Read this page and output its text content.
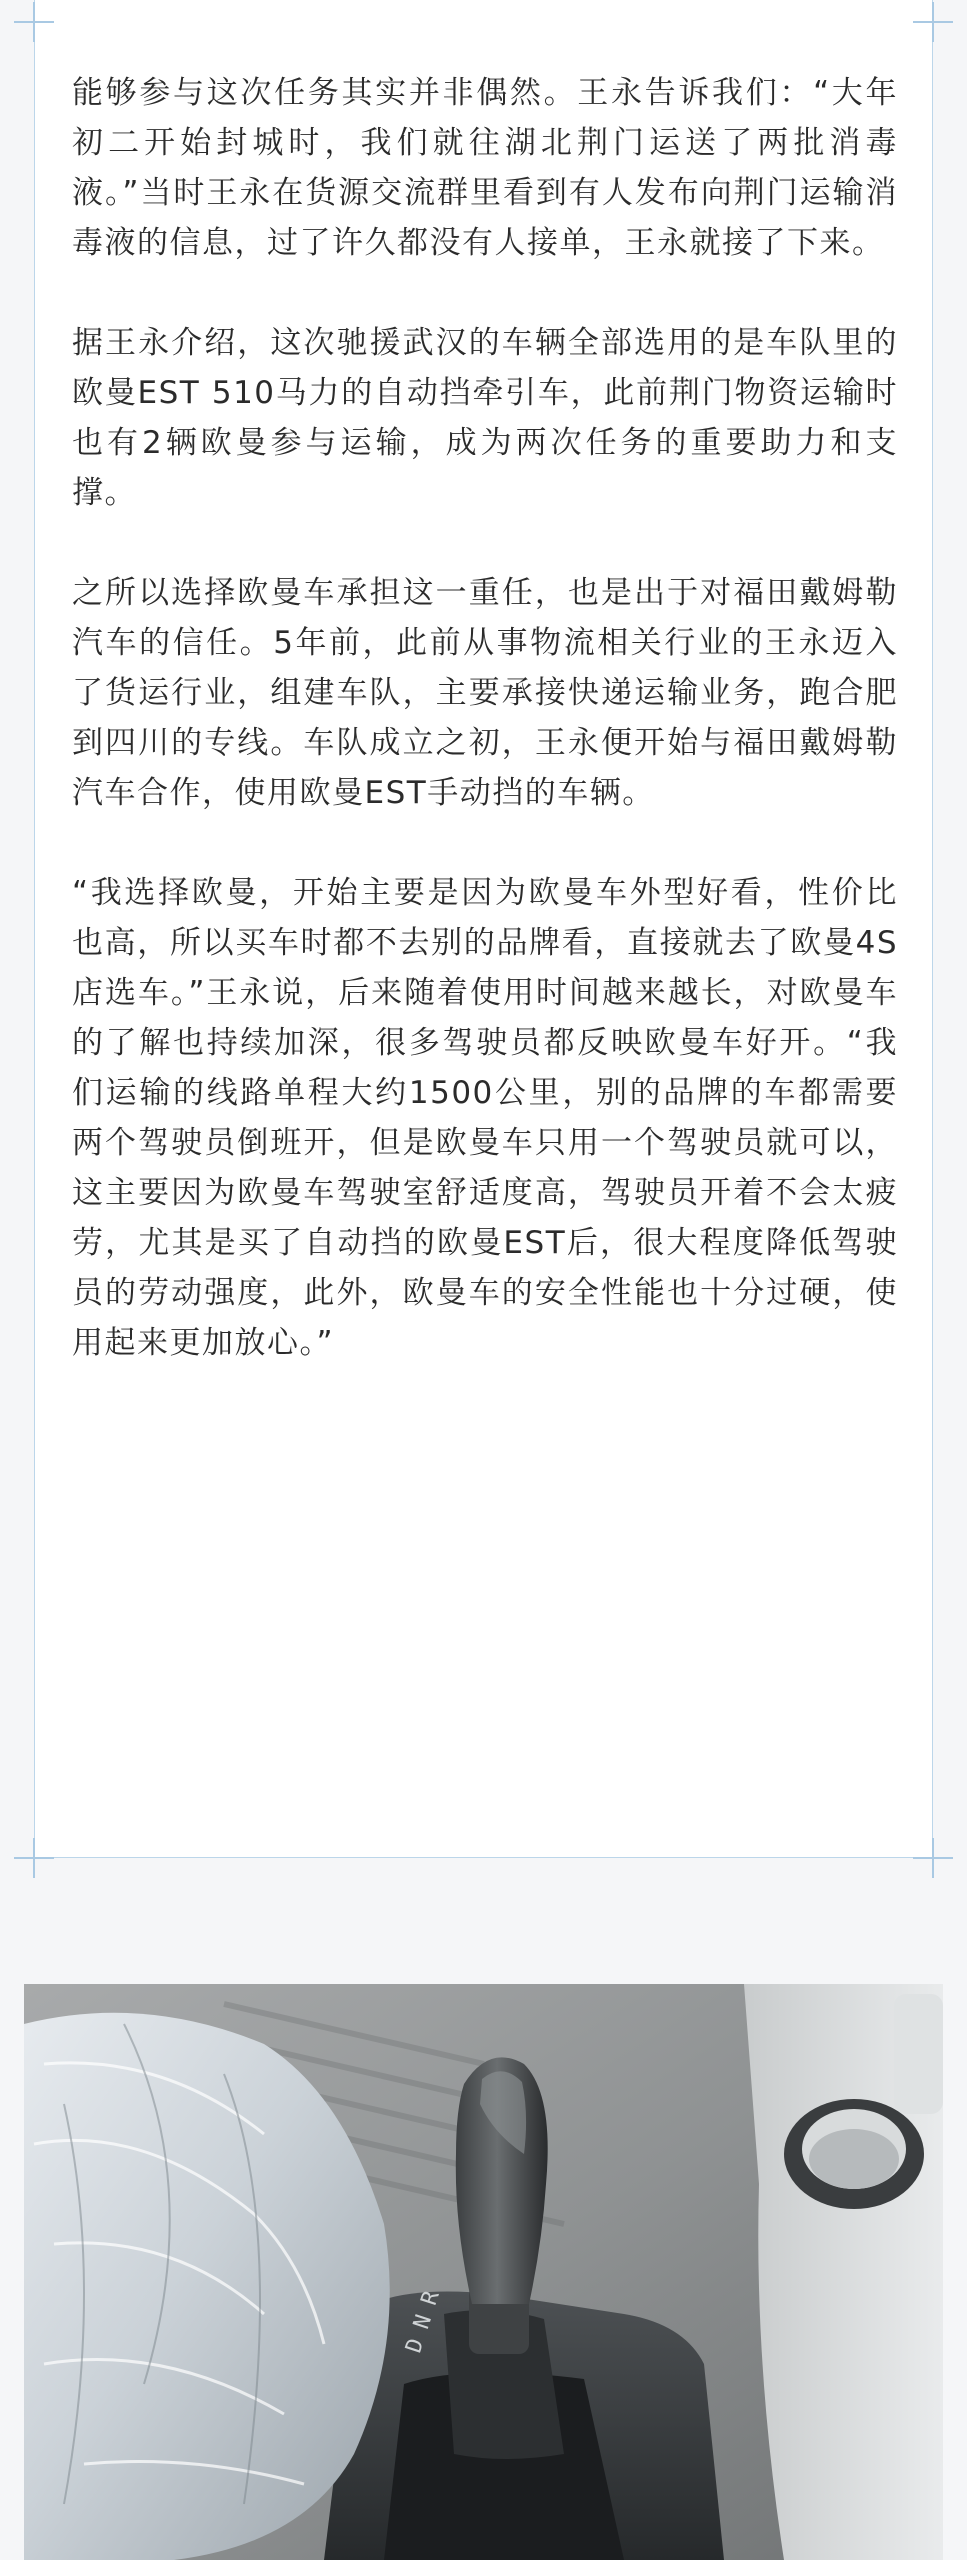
能够参与这次任务其实并非偶然。王永告诉我们：“大年初二开始封城时，我们就往湖北荆门运送了两批消毒液。”当时王永在货源交流群里看到有人发布向荆门运输消毒液的信息，过了许久都没有人接单，王永就接了下来。

据王永介绍，这次驰援武汉的车辆全部选用的是车队里的欧曼EST 510马力的自动挡牵引车，此前荆门物资运输时也有2辆欧曼参与运输，成为两次任务的重要助力和支撑。

之所以选择欧曼车承担这一重任，也是出于对福田戴姆勒汽车的信任。5年前，此前从事物流相关行业的王永迈入了货运行业，组建车队，主要承接快递运输业务，跑合肥到四川的专线。车队成立之初，王永便开始与福田戴姆勒汽车合作，使用欧曼EST手动挡的车辆。

“我选择欧曼，开始主要是因为欧曼车外型好看，性价比也高，所以买车时都不去别的品牌看，直接就去了欧曼4S店选车。”王永说，后来随着使用时间越来越长，对欧曼车的了解也持续加深，很多驾驶员都反映欧曼车好开。“我们运输的线路单程大约1500公里，别的品牌的车都需要两个驾驶员倒班开，但是欧曼车只用一个驾驶员就可以，这主要因为欧曼车驾驶室舒适度高，驾驶员开着不会太疲劳，尤其是买了自动挡的欧曼EST后，很大程度降低驾驶员的劳动强度，此外，欧曼车的安全性能也十分过硬，使用起来更加放心。”

D
N
R
